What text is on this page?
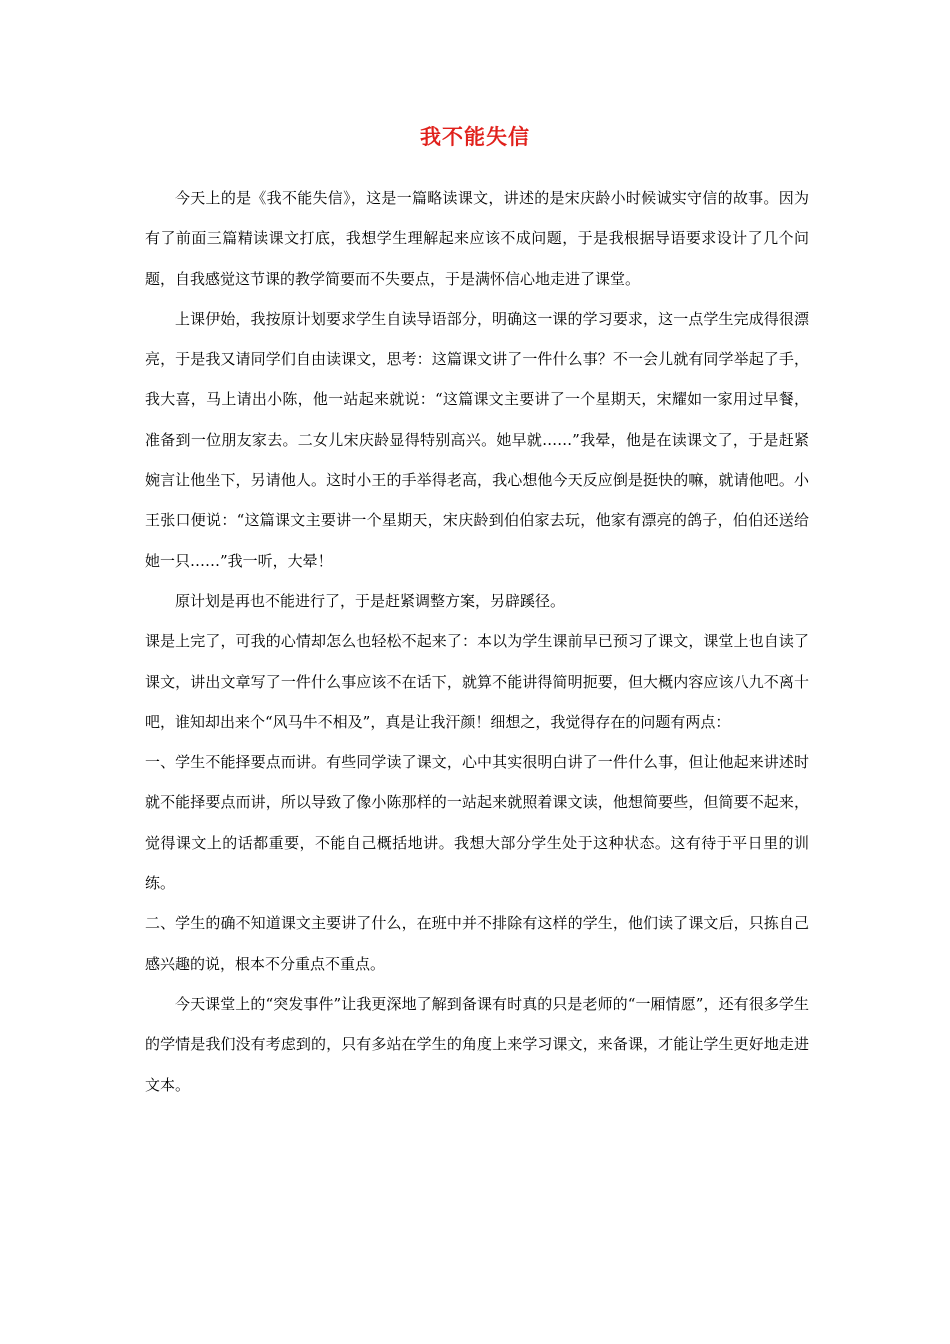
我不能失信

今天上的是《我不能失信》，这是一篇略读课文，讲述的是宋庆龄小时候诚实守信的故事。因为有了前面三篇精读课文打底，我想学生理解起来应该不成问题，于是我根据导语要求设计了几个问题，自我感觉这节课的教学简要而不失要点，于是满怀信心地走进了课堂。

上课伊始，我按原计划要求学生自读导语部分，明确这一课的学习要求，这一点学生完成得很漂亮，于是我又请同学们自由读课文，思考：这篇课文讲了一件什么事？不一会儿就有同学举起了手，我大喜，马上请出小陈，他一站起来就说：“这篇课文主要讲了一个星期天，宋耀如一家用过早餐，准备到一位朋友家去。二女儿宋庆龄显得特别高兴。她早就……”我晕，他是在读课文了，于是赶紧婉言让他坐下，另请他人。这时小王的手举得老高，我心想他今天反应倒是挺快的嘛，就请他吧。小王张口便说：“这篇课文主要讲一个星期天，宋庆龄到伯伯家去玩，他家有漂亮的鸽子，伯伯还送给她一只……”我一听，大晕！

原计划是再也不能进行了，于是赶紧调整方案，另辟蹊径。

课是上完了，可我的心情却怎么也轻松不起来了：本以为学生课前早已预习了课文，课堂上也自读了课文，讲出文章写了一件什么事应该不在话下，就算不能讲得简明扼要，但大概内容应该八九不离十吧，谁知却出来个“风马牛不相及”，真是让我汗颜！细想之，我觉得存在的问题有两点：

一、学生不能择要点而讲。有些同学读了课文，心中其实很明白讲了一件什么事，但让他起来讲述时就不能择要点而讲，所以导致了像小陈那样的一站起来就照着课文读，他想简要些，但简要不起来，觉得课文上的话都重要，不能自己概括地讲。我想大部分学生处于这种状态。这有待于平日里的训练。

二、学生的确不知道课文主要讲了什么，在班中并不排除有这样的学生，他们读了课文后，只拣自己感兴趣的说，根本不分重点不重点。

今天课堂上的“突发事件”让我更深地了解到备课有时真的只是老师的“一厢情愿”，还有很多学生的学情是我们没有考虑到的，只有多站在学生的角度上来学习课文，来备课，才能让学生更好地走进文本。
